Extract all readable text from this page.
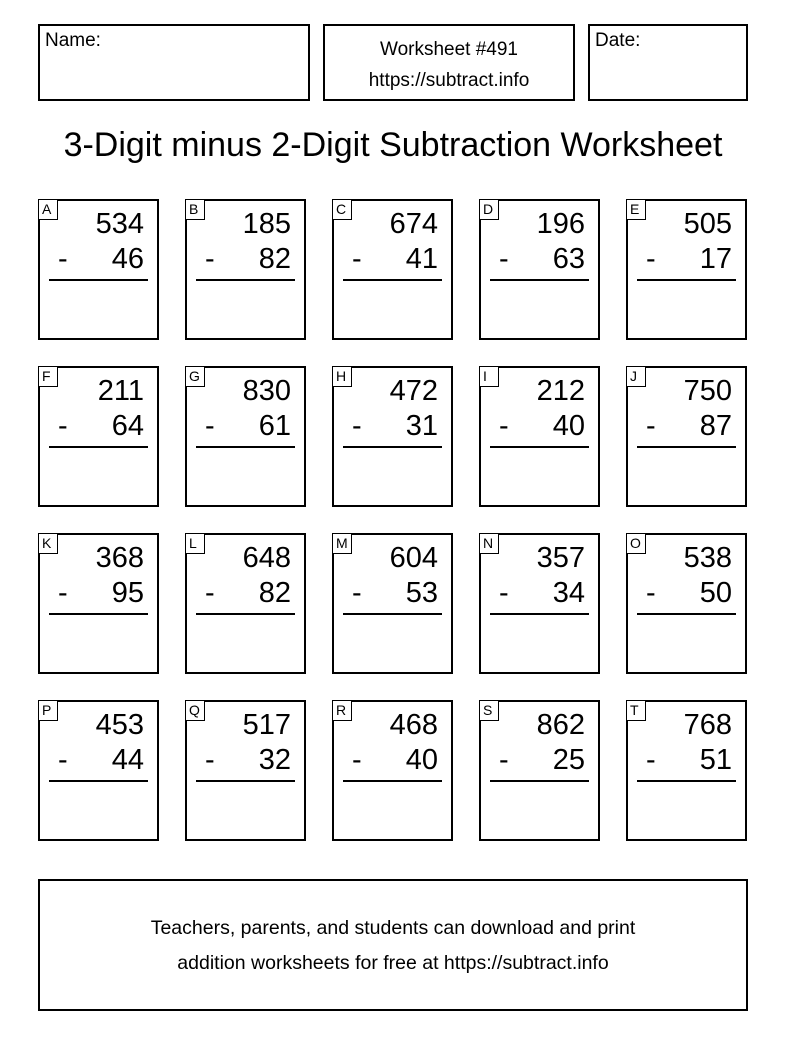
Name:	Worksheet #491
https://subtract.info
Date:
3-Digit minus 2-Digit Subtraction Worksheet
A 534
- 46
B 185
- 82
C 674
- 41
D 196
- 63
E 505
- 17
F 211
- 64
G 830
- 61
H 472
- 31
I	212
- 40
J	750
- 87
K 368
- 95
L 648
- 82
M 604
- 53
N 357
- 34
O 538
- 50
P 453
- 44
Q 517
- 32
R 468
- 40
S 862
- 25
T 768
- 51
Teachers, parents, and students can download and print
addition worksheets for free at https://subtract.info
